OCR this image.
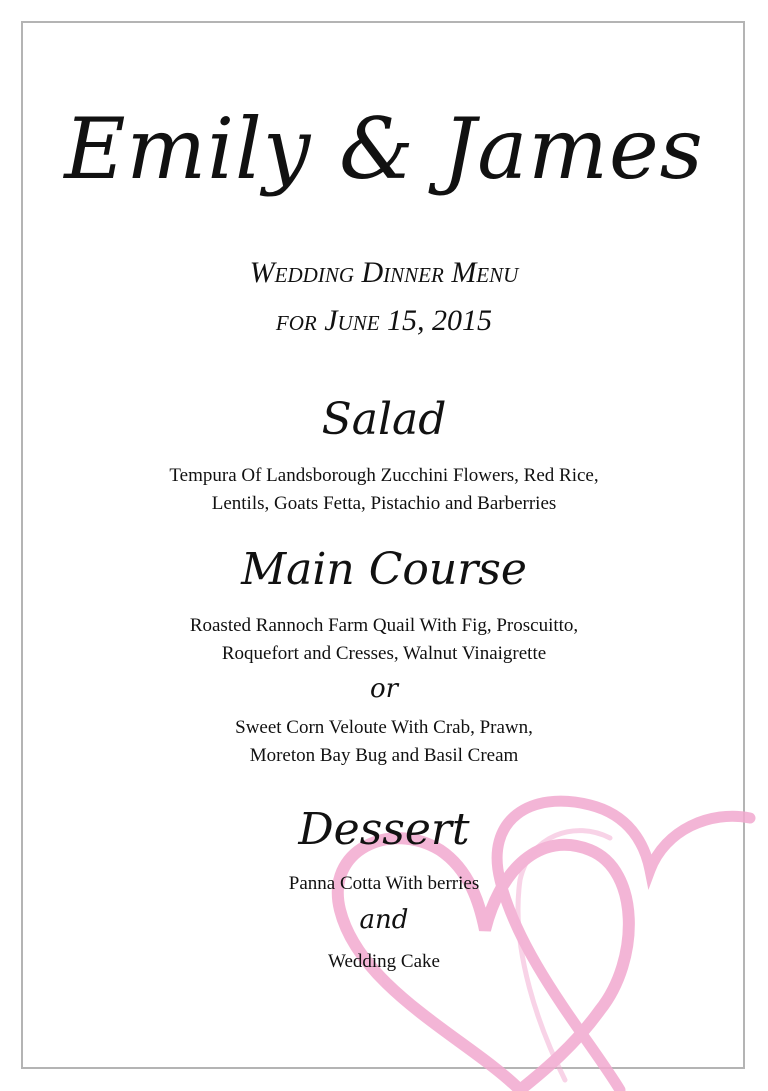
Emily & James
Wedding Dinner Menu
for June 15, 2015
Salad
Tempura Of Landsborough Zucchini Flowers, Red Rice,
Lentils, Goats Fetta, Pistachio and Barberries
Main Course
Roasted Rannoch Farm Quail With Fig, Proscuitto,
Roquefort and Cresses, Walnut Vinaigrette
or
Sweet Corn Veloute With Crab, Prawn,
Moreton Bay Bug and Basil Cream
Dessert
Panna Cotta With berries
and
Wedding Cake
